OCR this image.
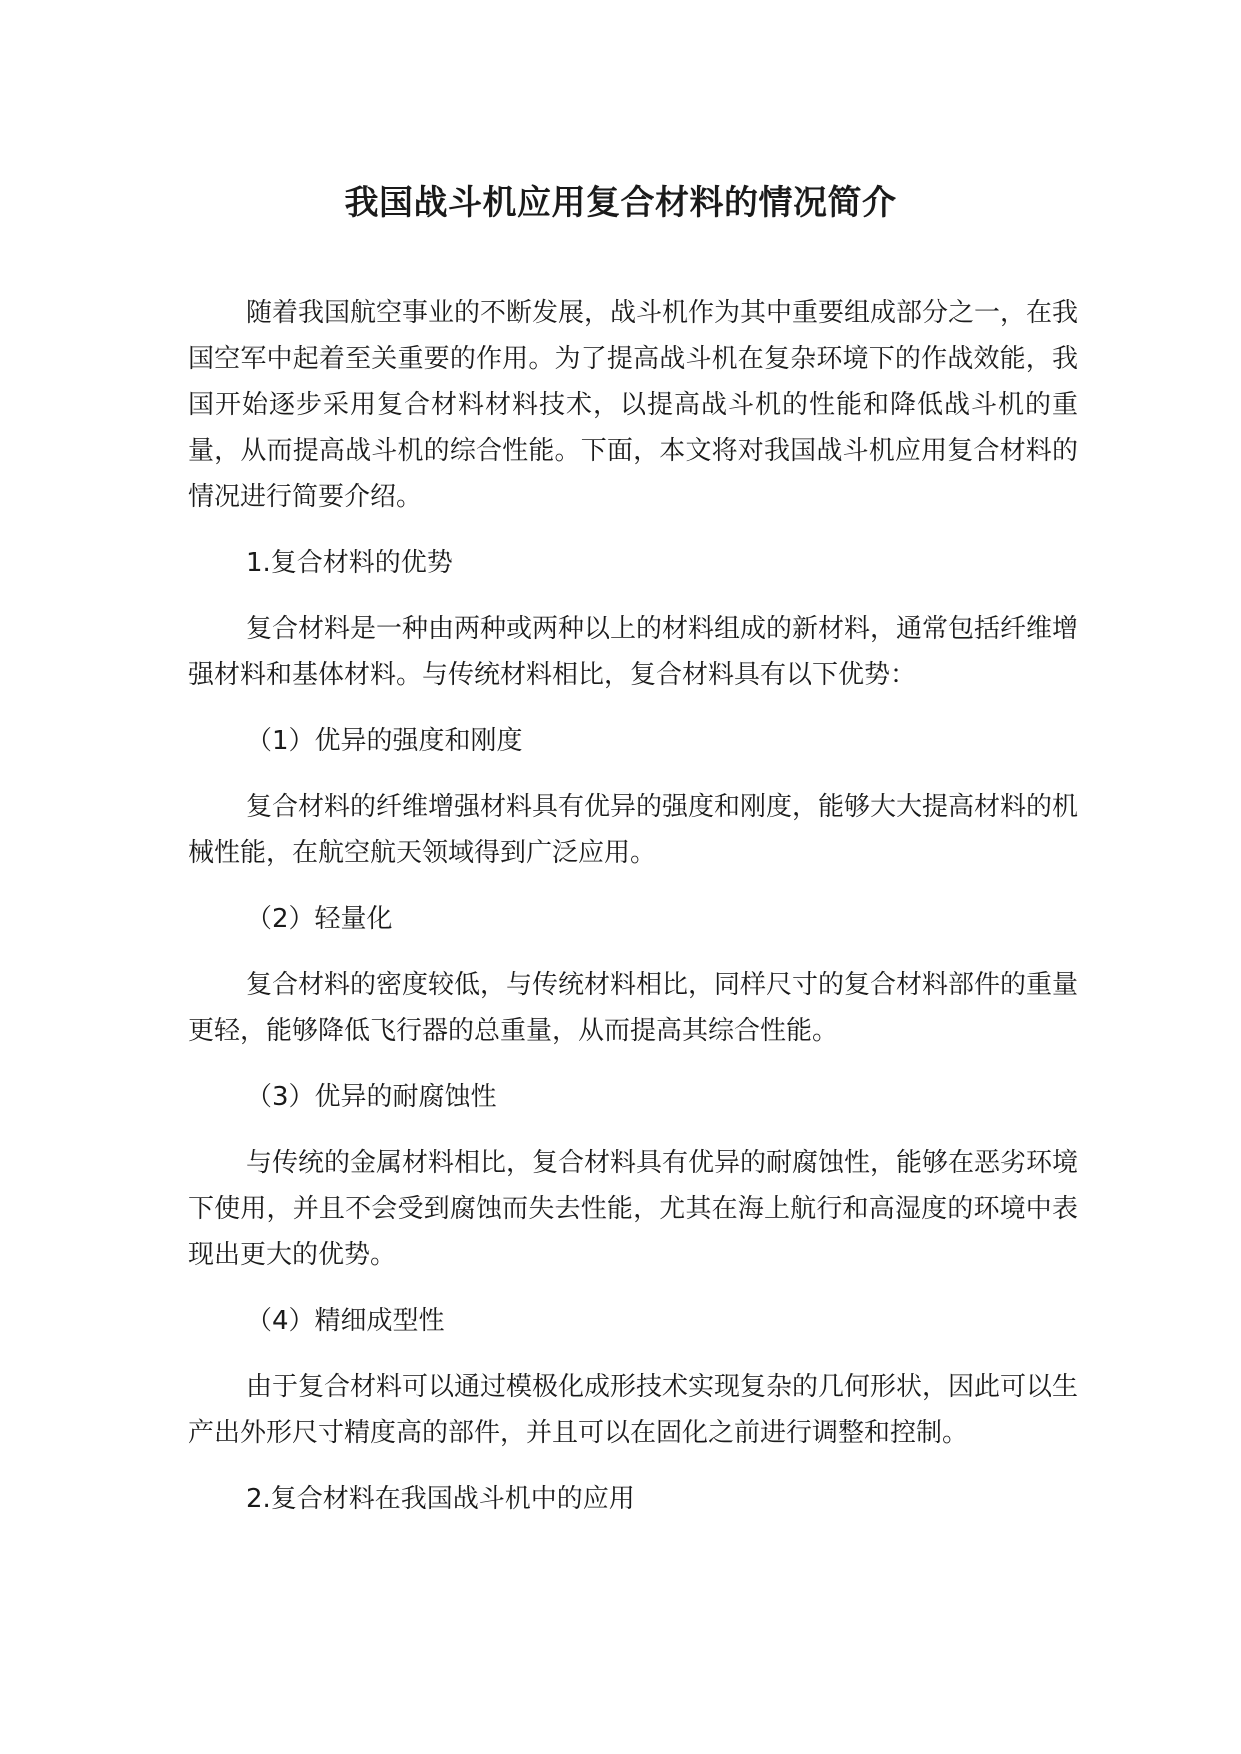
我国战斗机应用复合材料的情况简介

随着我国航空事业的不断发展，战斗机作为其中重要组成部分之一，在我国空军中起着至关重要的作用。为了提高战斗机在复杂环境下的作战效能，我国开始逐步采用复合材料材料技术，以提高战斗机的性能和降低战斗机的重量，从而提高战斗机的综合性能。下面，本文将对我国战斗机应用复合材料的情况进行简要介绍。

1.复合材料的优势

复合材料是一种由两种或两种以上的材料组成的新材料，通常包括纤维增强材料和基体材料。与传统材料相比，复合材料具有以下优势：

（1）优异的强度和刚度

复合材料的纤维增强材料具有优异的强度和刚度，能够大大提高材料的机械性能，在航空航天领域得到广泛应用。

（2）轻量化

复合材料的密度较低，与传统材料相比，同样尺寸的复合材料部件的重量更轻，能够降低飞行器的总重量，从而提高其综合性能。

（3）优异的耐腐蚀性

与传统的金属材料相比，复合材料具有优异的耐腐蚀性，能够在恶劣环境下使用，并且不会受到腐蚀而失去性能，尤其在海上航行和高湿度的环境中表现出更大的优势。

（4）精细成型性

由于复合材料可以通过模极化成形技术实现复杂的几何形状，因此可以生产出外形尺寸精度高的部件，并且可以在固化之前进行调整和控制。

2.复合材料在我国战斗机中的应用
